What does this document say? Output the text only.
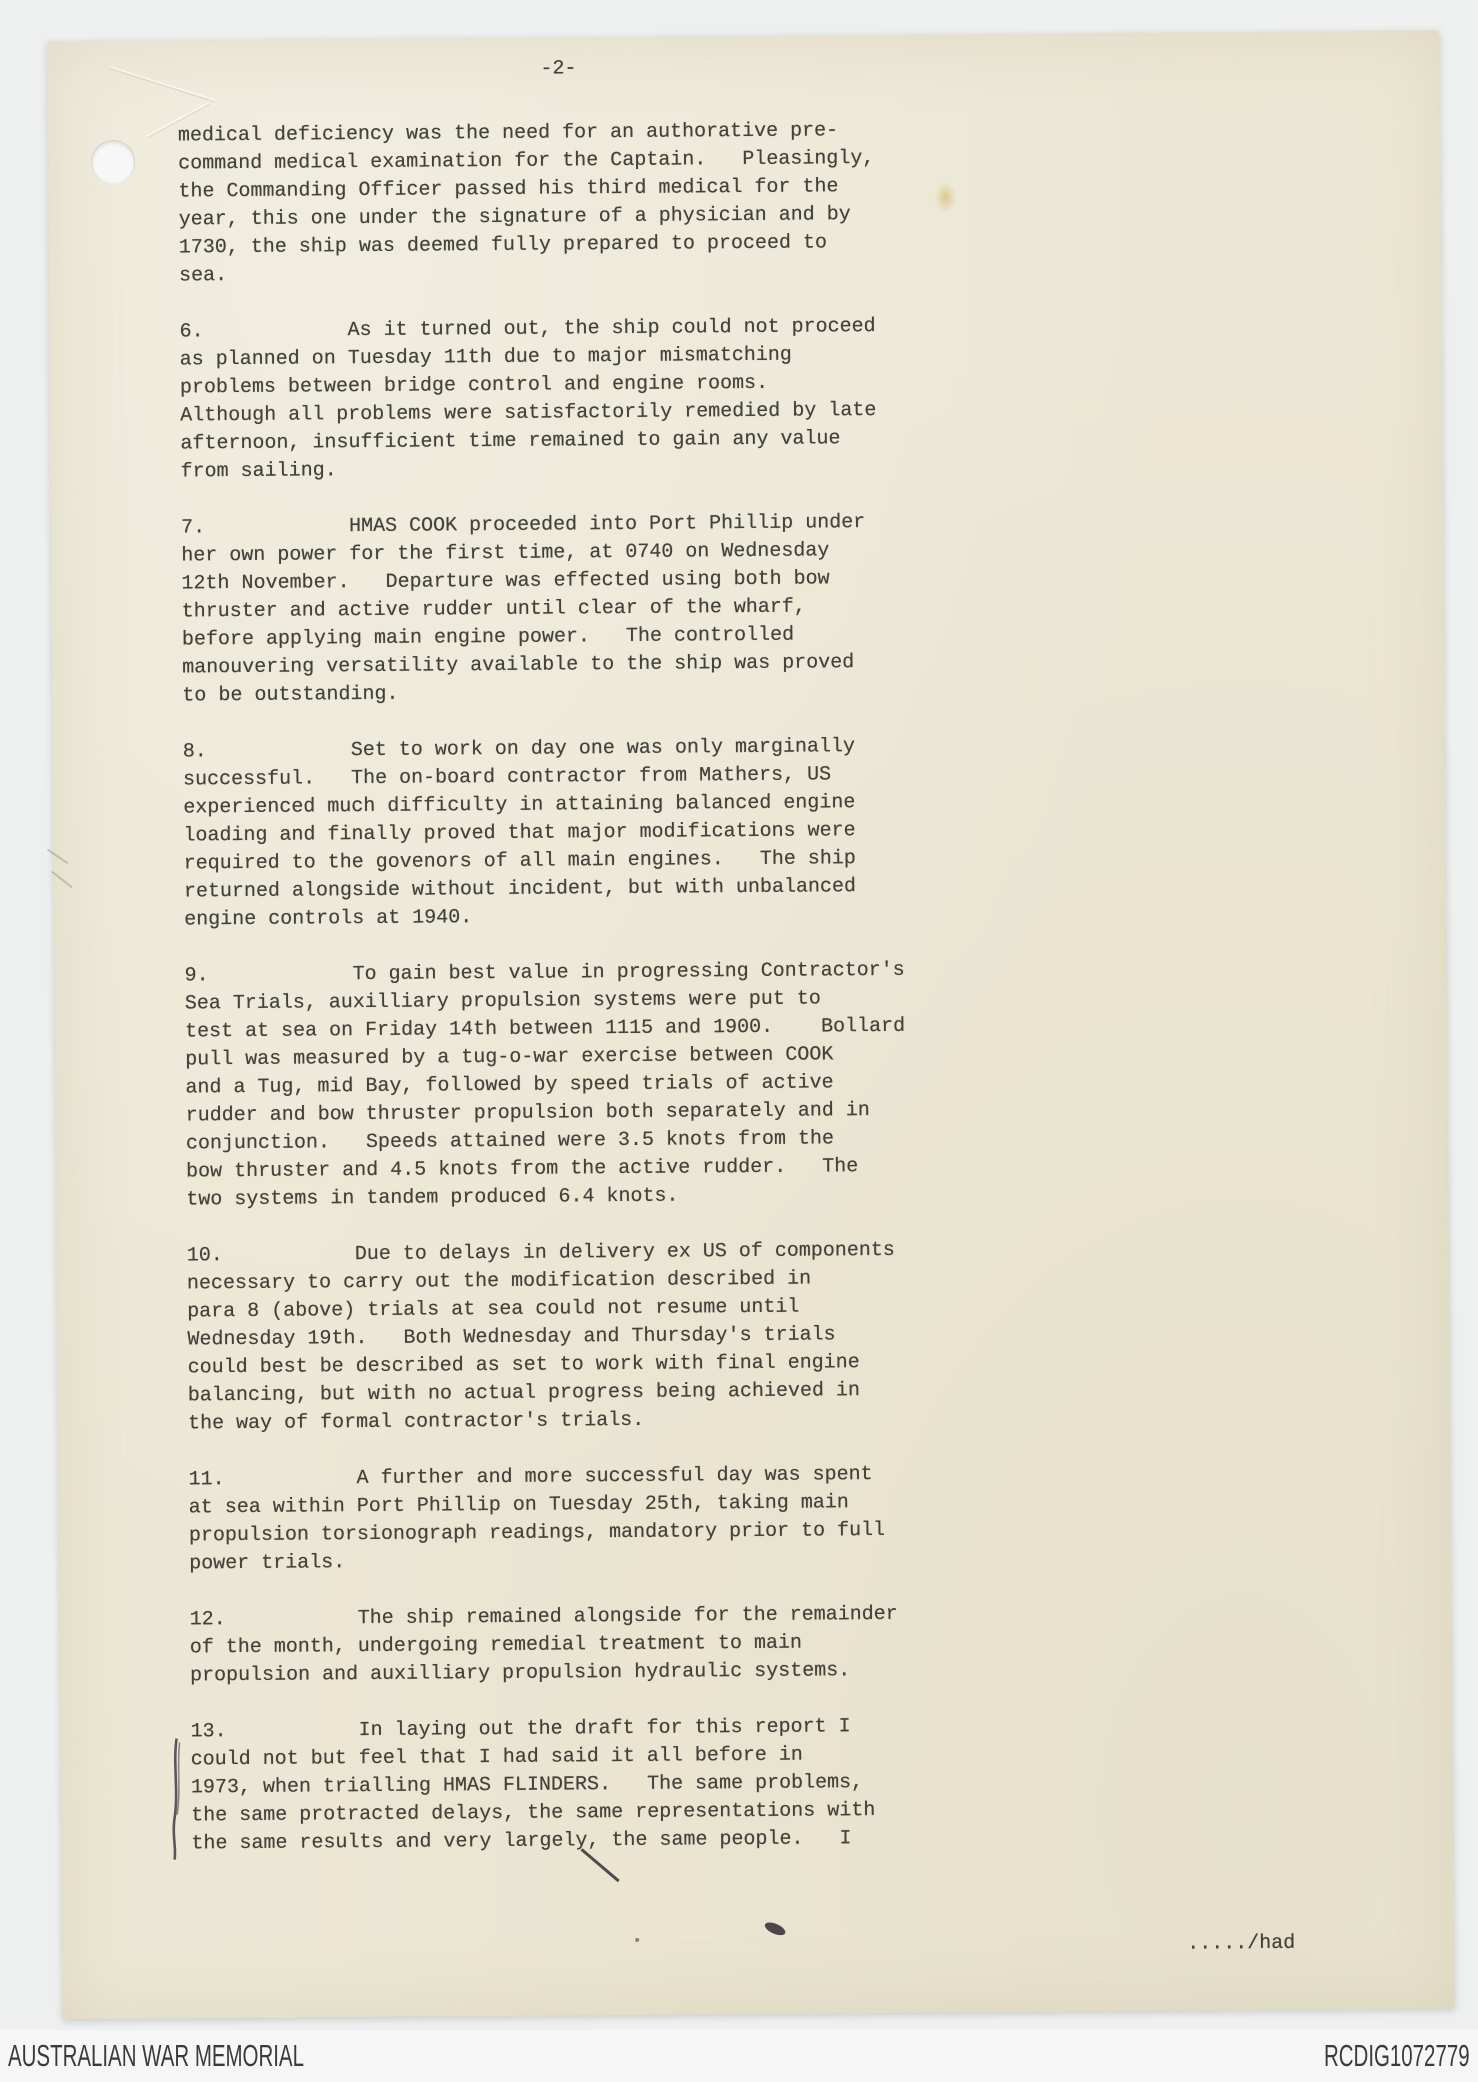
-2-
medical deficiency was the need for an authorative pre-
command medical examination for the Captain.   Pleasingly,
the Commanding Officer passed his third medical for the
year, this one under the signature of a physician and by
1730, the ship was deemed fully prepared to proceed to
sea.
6.            As it turned out, the ship could not proceed
as planned on Tuesday 11th due to major mismatching
problems between bridge control and engine rooms.
Although all problems were satisfactorily remedied by late
afternoon, insufficient time remained to gain any value
from sailing.
7.            HMAS COOK proceeded into Port Phillip under
her own power for the first time, at 0740 on Wednesday
12th November.   Departure was effected using both bow
thruster and active rudder until clear of the wharf,
before applying main engine power.   The controlled
manouvering versatility available to the ship was proved
to be outstanding.
8.            Set to work on day one was only marginally
successful.   The on-board contractor from Mathers, US
experienced much difficulty in attaining balanced engine
loading and finally proved that major modifications were
required to the govenors of all main engines.   The ship
returned alongside without incident, but with unbalanced
engine controls at 1940.
9.            To gain best value in progressing Contractor's
Sea Trials, auxilliary propulsion systems were put to
test at sea on Friday 14th between 1115 and 1900.    Bollard
pull was measured by a tug-o-war exercise between COOK
and a Tug, mid Bay, followed by speed trials of active
rudder and bow thruster propulsion both separately and in
conjunction.   Speeds attained were 3.5 knots from the
bow thruster and 4.5 knots from the active rudder.   The
two systems in tandem produced 6.4 knots.
10.           Due to delays in delivery ex US of components
necessary to carry out the modification described in
para 8 (above) trials at sea could not resume until
Wednesday 19th.   Both Wednesday and Thursday's trials
could best be described as set to work with final engine
balancing, but with no actual progress being achieved in
the way of formal contractor's trials.
11.           A further and more successful day was spent
at sea within Port Phillip on Tuesday 25th, taking main
propulsion torsionograph readings, mandatory prior to full
power trials.
12.           The ship remained alongside for the remainder
of the month, undergoing remedial treatment to main
propulsion and auxilliary propulsion hydraulic systems.
13.           In laying out the draft for this report I
could not but feel that I had said it all before in
1973, when trialling HMAS FLINDERS.   The same problems,
the same protracted delays, the same representations with
the same results and very largely, the same people.   I
...../had
AUSTRALIAN WAR MEMORIAL	RCDIG1072779
